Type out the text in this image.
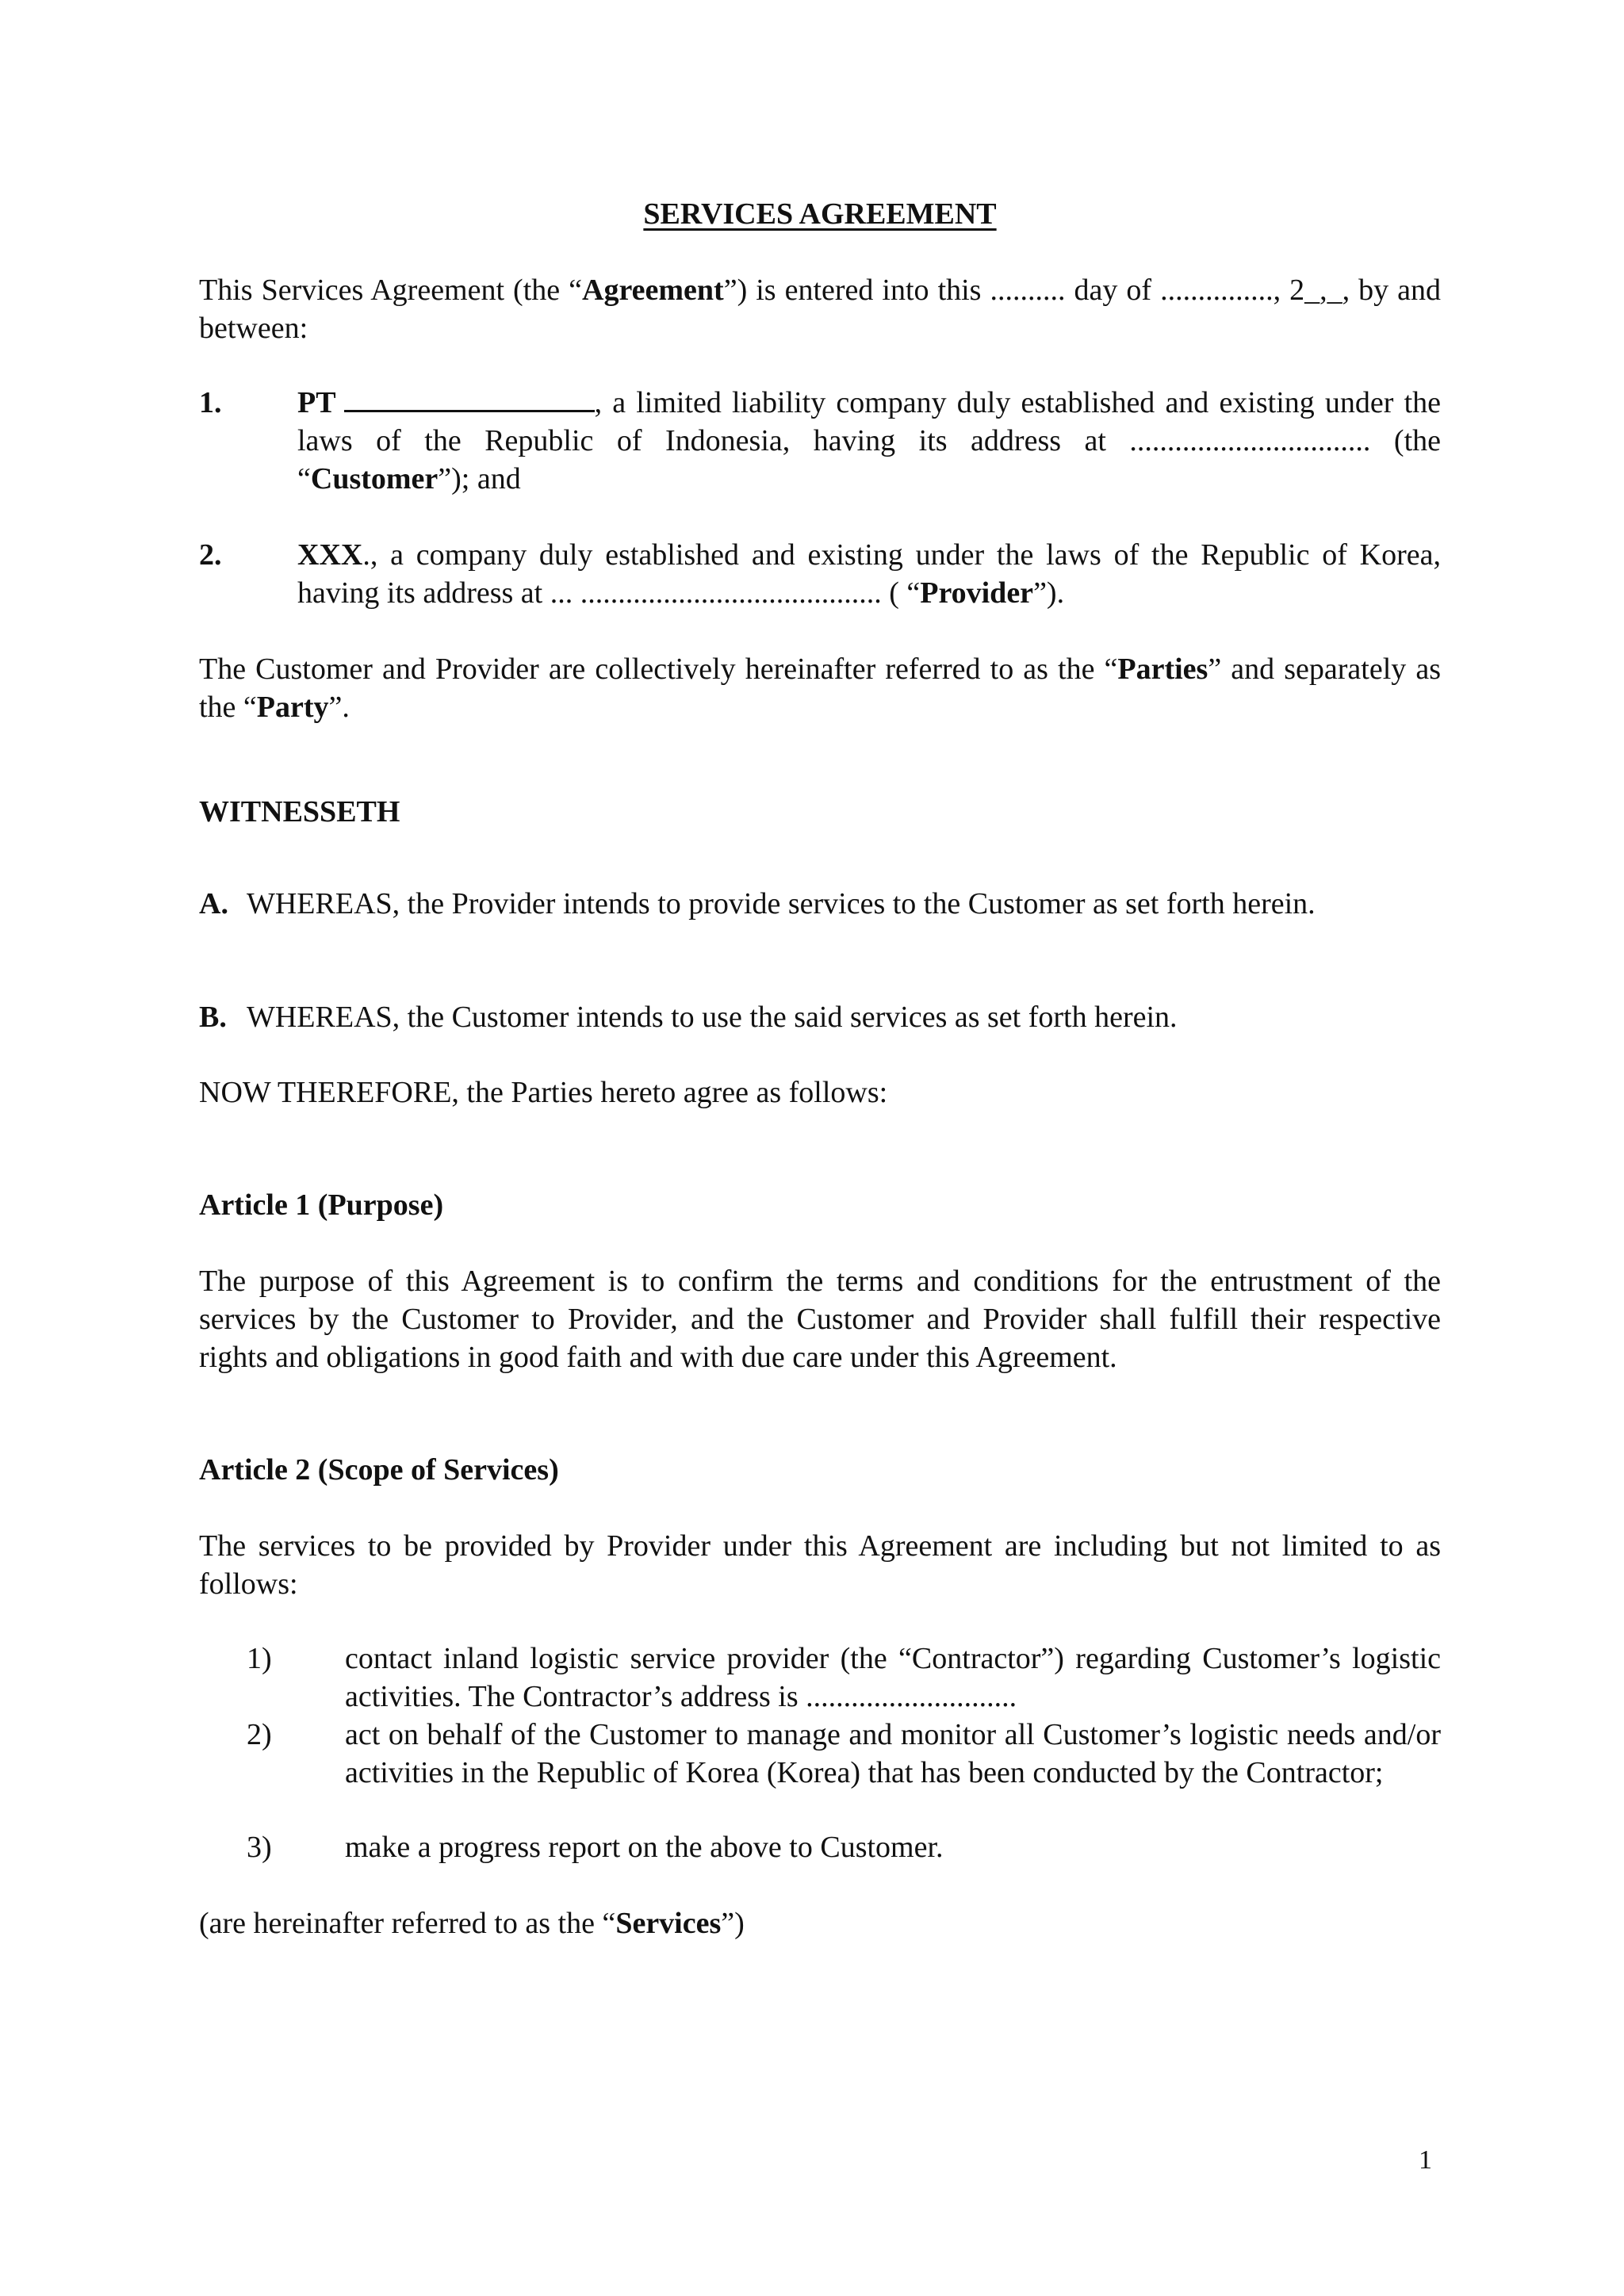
SERVICES AGREEMENT
This Services Agreement (the “Agreement”) is entered into this .......... day of ..............., 2_,_, by and between:
1.	PT	, a limited liability company duly established and existing under the laws of the Republic of Indonesia, having its address at ................................ (the “Customer”); and
2.	XXX., a company duly established and existing under the laws of the Republic of Korea, having its address at ... ........................................ ( “Provider”).
The Customer and Provider are collectively hereinafter referred to as the “Parties” and separately as the “Party”.
WITNESSETH
A. WHEREAS, the Provider intends to provide services to the Customer as set forth herein.
B. WHEREAS, the Customer intends to use the said services as set forth herein.
NOW THEREFORE, the Parties hereto agree as follows:
Article 1 (Purpose)
The purpose of this Agreement is to confirm the terms and conditions for the entrustment of the services by the Customer to Provider, and the Customer and Provider shall fulfill their respective rights and obligations in good faith and with due care under this Agreement.
Article 2 (Scope of Services)
The services to be provided by Provider under this Agreement are including but not limited to as follows:
1) contact inland logistic service provider (the “Contractor”) regarding Customer’s logistic activities. The Contractor’s address is ............................
2) act on behalf of the Customer to manage and monitor all Customer’s logistic needs and/or activities in the Republic of Korea (Korea) that has been conducted by the Contractor;
3) make a progress report on the above to Customer.
(are hereinafter referred to as the “Services”)
1
